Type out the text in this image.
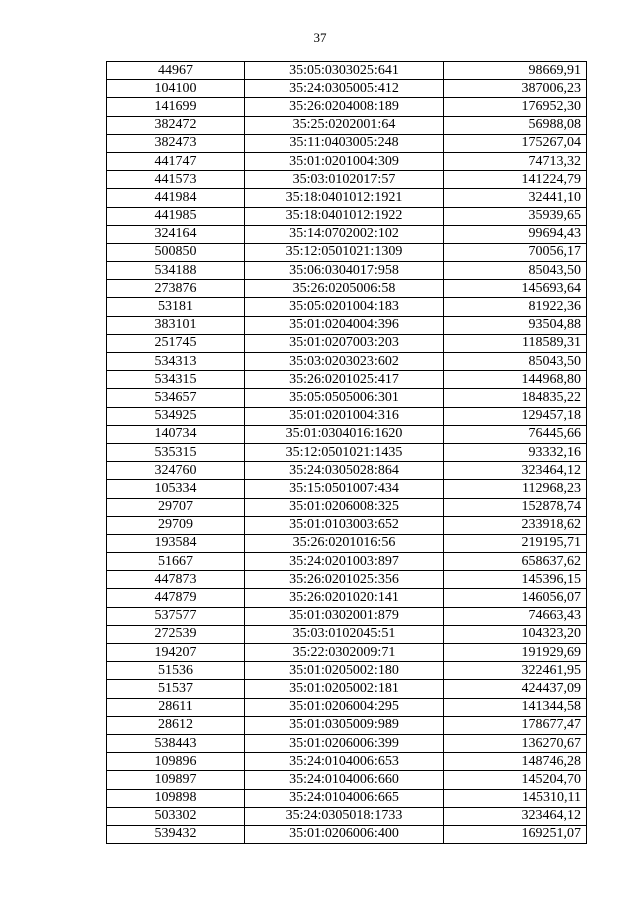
37
44967	35:05:0303025:641	98669,91
104100	35:24:0305005:412	387006,23
141699	35:26:0204008:189	176952,30
382472	35:25:0202001:64	56988,08
382473	35:11:0403005:248	175267,04
441747	35:01:0201004:309	74713,32
441573	35:03:0102017:57	141224,79
441984	35:18:0401012:1921	32441,10
441985	35:18:0401012:1922	35939,65
324164	35:14:0702002:102	99694,43
500850	35:12:0501021:1309	70056,17
534188	35:06:0304017:958	85043,50
273876	35:26:0205006:58	145693,64
53181	35:05:0201004:183	81922,36
383101	35:01:0204004:396	93504,88
251745	35:01:0207003:203	118589,31
534313	35:03:0203023:602	85043,50
534315	35:26:0201025:417	144968,80
534657	35:05:0505006:301	184835,22
534925	35:01:0201004:316	129457,18
140734	35:01:0304016:1620	76445,66
535315	35:12:0501021:1435	93332,16
324760	35:24:0305028:864	323464,12
105334	35:15:0501007:434	112968,23
29707	35:01:0206008:325	152878,74
29709	35:01:0103003:652	233918,62
193584	35:26:0201016:56	219195,71
51667	35:24:0201003:897	658637,62
447873	35:26:0201025:356	145396,15
447879	35:26:0201020:141	146056,07
537577	35:01:0302001:879	74663,43
272539	35:03:0102045:51	104323,20
194207	35:22:0302009:71	191929,69
51536	35:01:0205002:180	322461,95
51537	35:01:0205002:181	424437,09
28611	35:01:0206004:295	141344,58
28612	35:01:0305009:989	178677,47
538443	35:01:0206006:399	136270,67
109896	35:24:0104006:653	148746,28
109897	35:24:0104006:660	145204,70
109898	35:24:0104006:665	145310,11
503302	35:24:0305018:1733	323464,12
539432	35:01:0206006:400	169251,07
